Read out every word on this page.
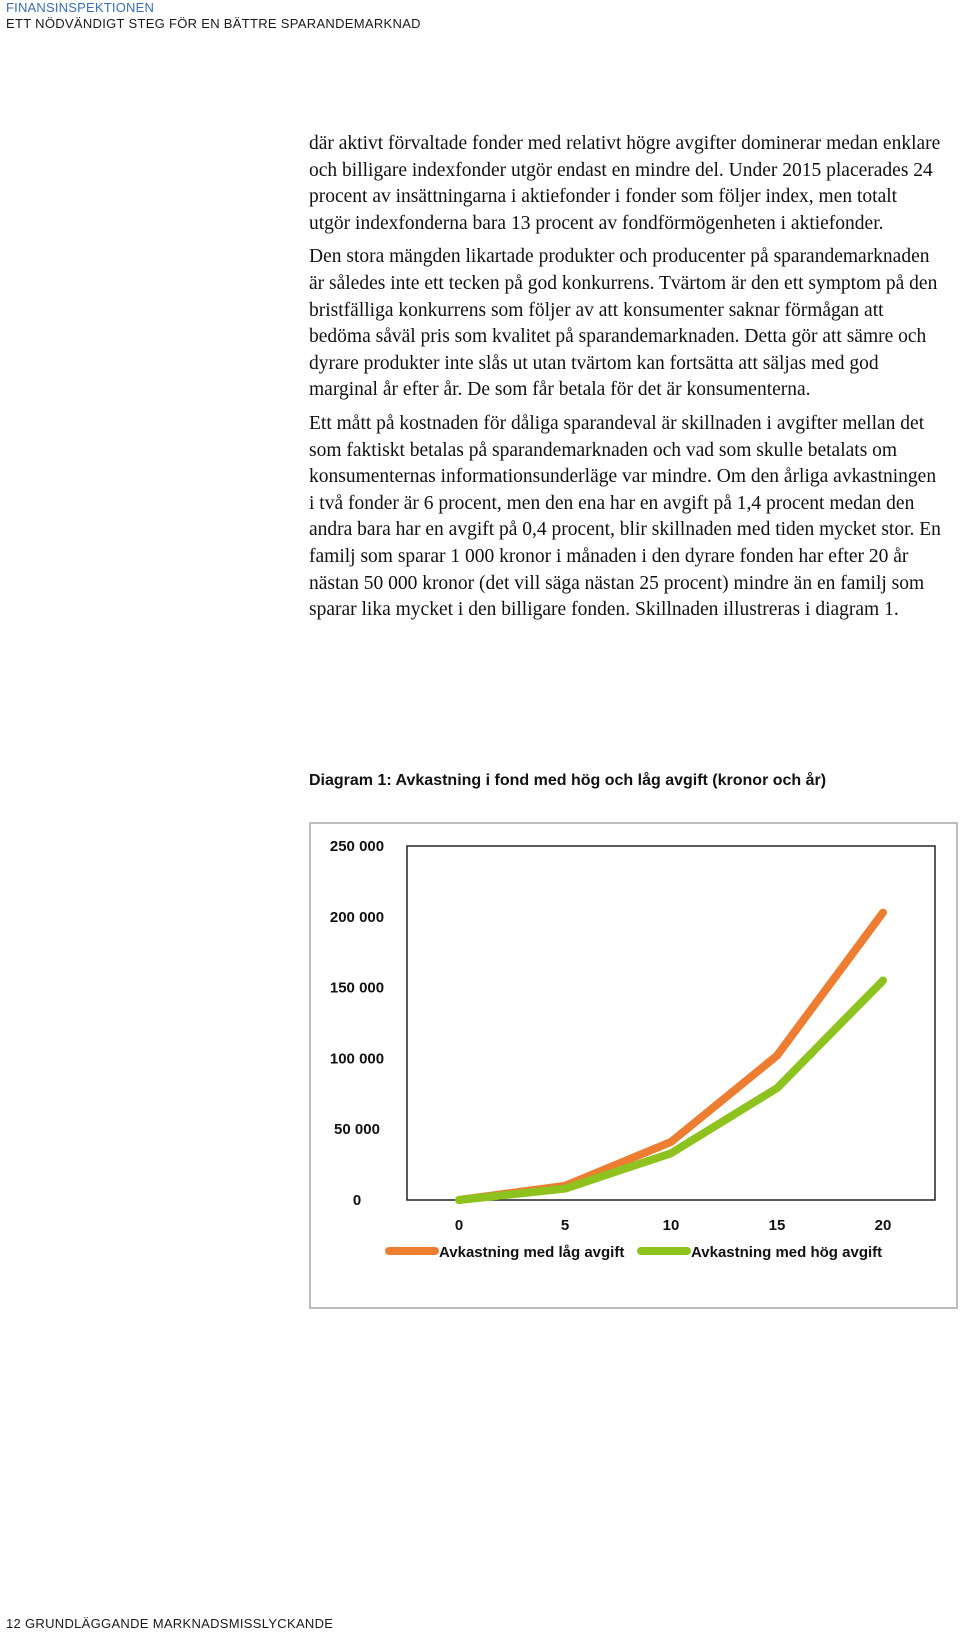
FINANSINSPEKTIONEN
ETT NÖDVÄNDIGT STEG FÖR EN BÄTTRE SPARANDEMARKNAD

där aktivt förvaltade fonder med relativt högre avgifter dominerar medan enklare och billigare indexfonder utgör endast en mindre del. Under 2015 placerades 24 procent av insättningarna i aktiefonder i fonder som följer index, men totalt utgör indexfonderna bara 13 procent av fondförmögenheten i aktiefonder.

Den stora mängden likartade produkter och producenter på sparandemarknaden är således inte ett tecken på god konkurrens. Tvärtom är den ett symptom på den bristfälliga konkurrens som följer av att konsumenter saknar förmågan att bedöma såväl pris som kvalitet på sparandemarknaden. Detta gör att sämre och dyrare produkter inte slås ut utan tvärtom kan fortsätta att säljas med god marginal år efter år. De som får betala för det är konsumenterna.

Ett mått på kostnaden för dåliga sparandeval är skillnaden i avgifter mellan det som faktiskt betalas på sparandemarknaden och vad som skulle betalats om konsumenternas informationsunderläge var mindre. Om den årliga avkastningen i två fonder är 6 procent, men den ena har en avgift på 1,4 procent medan den andra bara har en avgift på 0,4 procent, blir skillnaden med tiden mycket stor. En familj som sparar 1 000 kronor i månaden i den dyrare fonden har efter 20 år nästan 50 000 kronor (det vill säga nästan 25 procent) mindre än en familj som sparar lika mycket i den billigare fonden. Skillnaden illustreras i diagram 1.

Diagram 1: Avkastning i fond med hög och låg avgift (kronor och år)
250 000
200 000
150 000
100 000
50 000
0
0	5	10	15	20
Avkastning med låg avgift	Avkastning med hög avgift
12 GRUNDLÄGGANDE MARKNADSMISSLYCKANDE
